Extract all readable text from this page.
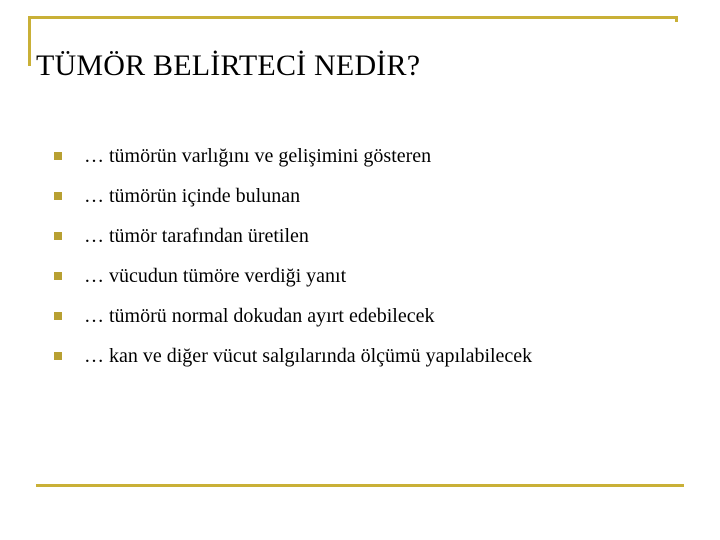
TÜMÖR BELİRTECİ NEDİR?
… tümörün varlığını ve gelişimini gösteren
… tümörün içinde bulunan
… tümör tarafından üretilen
… vücudun tümöre verdiği yanıt
… tümörü normal dokudan ayırt edebilecek
… kan ve diğer vücut salgılarında ölçümü yapılabilecek
